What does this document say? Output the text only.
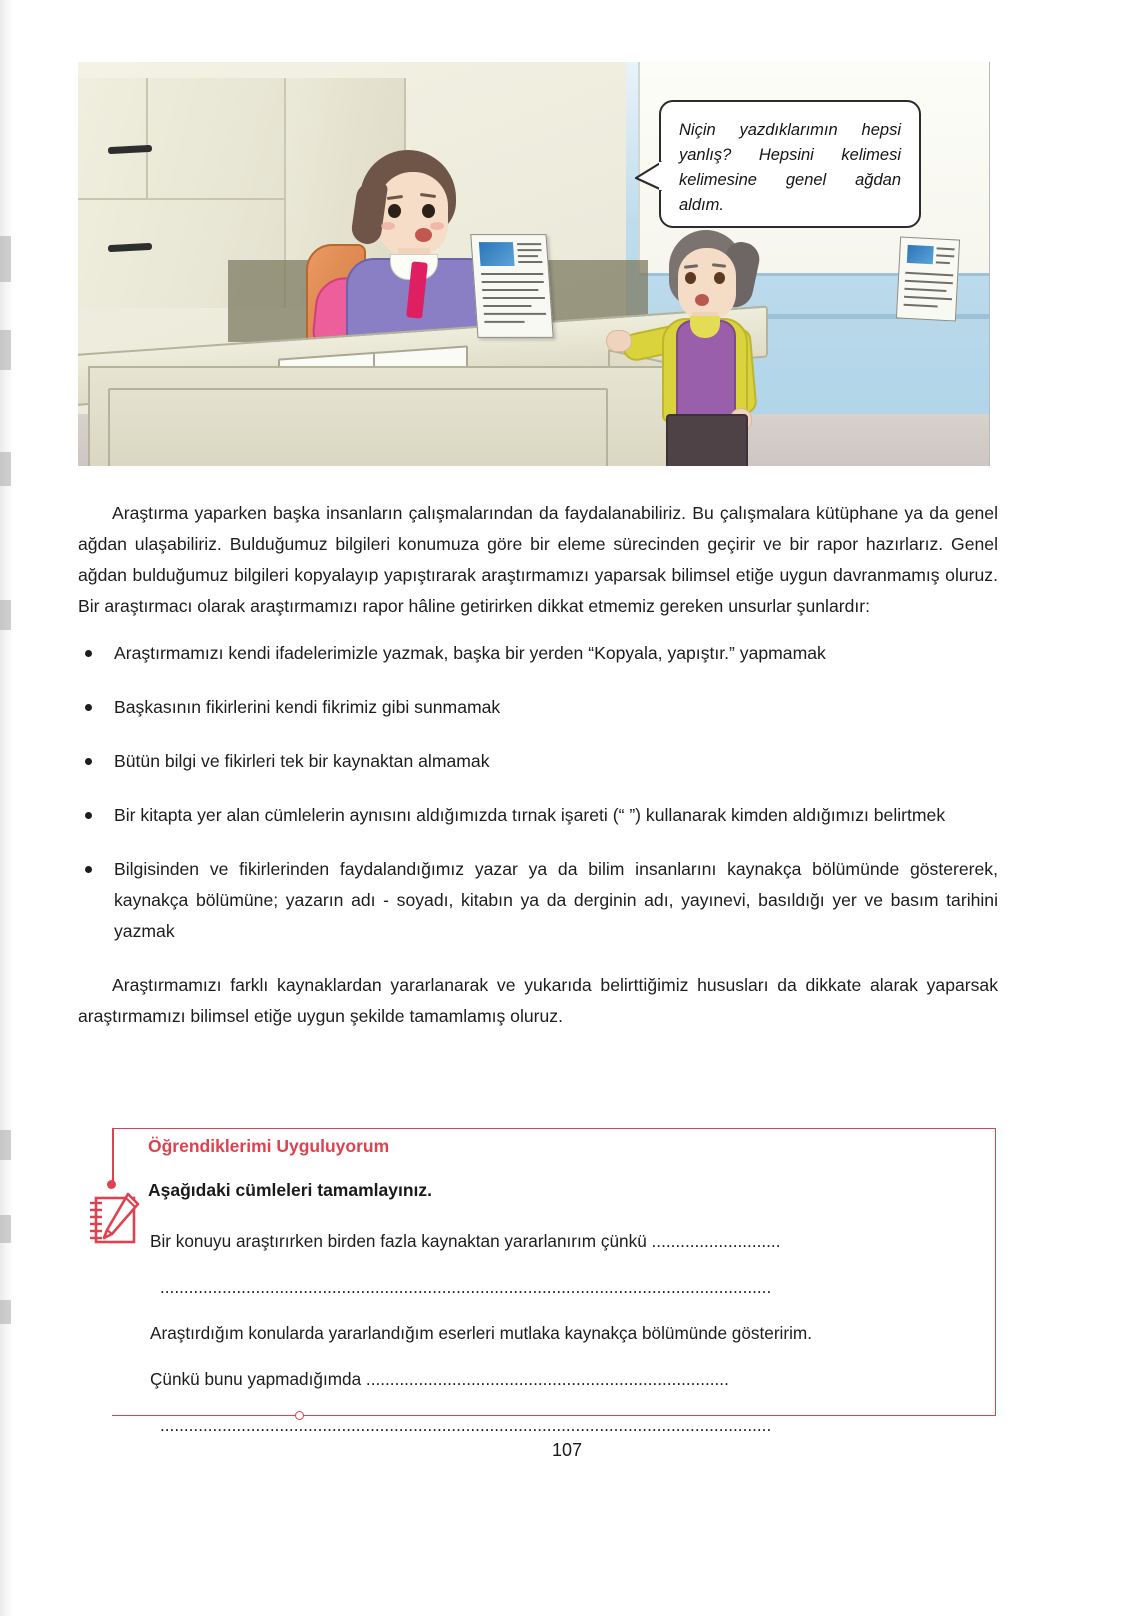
Niçin yazdıklarımın hepsi yanlış? Hepsini kelimesi kelimesine genel ağdan aldım.

Araştırma yaparken başka insanların çalışmalarından da faydalanabiliriz. Bu çalışmalara kütüphane ya da genel ağdan ulaşabiliriz. Bulduğumuz bilgileri konumuza göre bir eleme sürecinden geçirir ve bir rapor hazırlarız. Genel ağdan bulduğumuz bilgileri kopyalayıp yapıştırarak araştırmamızı yaparsak bilimsel etiğe uygun davranmamış oluruz. Bir araştırmacı olarak araştırmamızı rapor hâline getirirken dikkat etmemiz gereken unsurlar şunlardır:

Araştırmamızı kendi ifadelerimizle yazmak, başka bir yerden “Kopyala, yapıştır.” yapmamak
Başkasının fikirlerini kendi fikrimiz gibi sunmamak
Bütün bilgi ve fikirleri tek bir kaynaktan almamak
Bir kitapta yer alan cümlelerin aynısını aldığımızda tırnak işareti (“ ”) kullanarak kimden aldığımızı belirtmek
Bilgisinden ve fikirlerinden faydalandığımız yazar ya da bilim insanlarını kaynakça bölümünde göstererek, kaynakça bölümüne; yazarın adı - soyadı, kitabın ya da derginin adı, yayınevi, basıldığı yer ve basım tarihini yazmak

Araştırmamızı farklı kaynaklardan yararlanarak ve yukarıda belirttiğimiz hususları da dikkate alarak yaparsak araştırmamızı bilimsel etiğe uygun şekilde tamamlamış oluruz.

Öğrendiklerimi Uyguluyorum
Aşağıdaki cümleleri tamamlayınız.
Bir konuyu araştırırken birden fazla kaynaktan yararlanırım çünkü ...........................
................................................................................................................................
Araştırdığım konularda yararlandığım eserleri mutlaka kaynakça bölümünde gösteririm.
Çünkü bunu yapmadığımda ............................................................................
................................................................................................................................
107
